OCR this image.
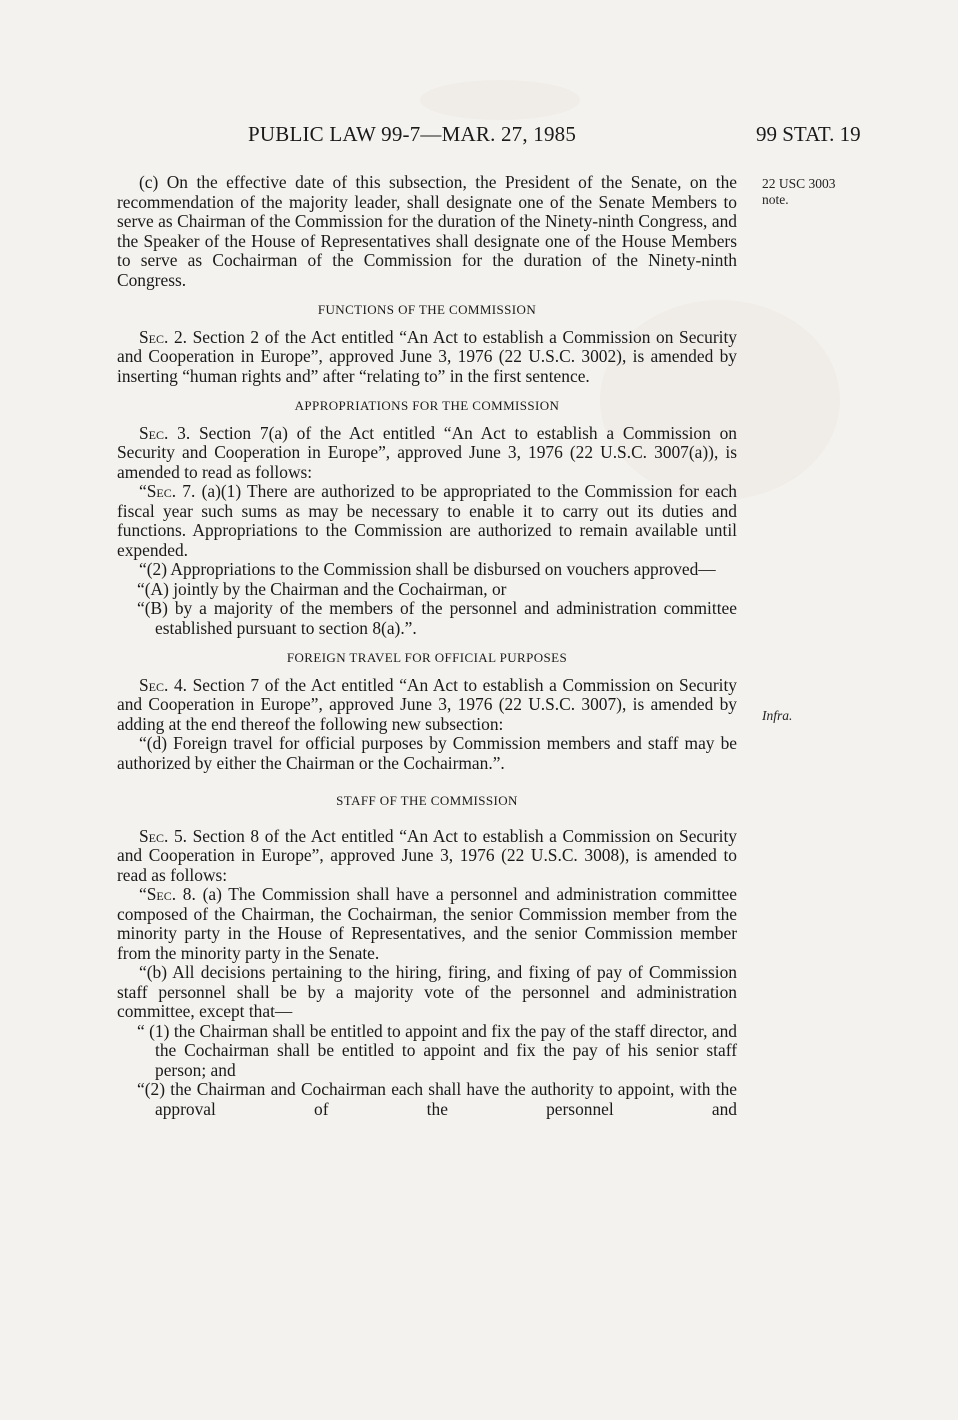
PUBLIC LAW 99-7—MAR. 27, 1985	99 STAT. 19
22 USC 3003
note.
Infra.

(c) On the effective date of this subsection, the President of the Senate, on the recommendation of the majority leader, shall designate one of the Senate Members to serve as Chairman of the Commission for the duration of the Ninety-ninth Congress, and the Speaker of the House of Representatives shall designate one of the House Members to serve as Cochairman of the Commission for the duration of the Ninety-ninth Congress.

FUNCTIONS OF THE COMMISSION

Sec. 2. Section 2 of the Act entitled “An Act to establish a Commission on Security and Cooperation in Europe”, approved June 3, 1976 (22 U.S.C. 3002), is amended by inserting “human rights and” after “relating to” in the first sentence.

APPROPRIATIONS FOR THE COMMISSION

Sec. 3. Section 7(a) of the Act entitled “An Act to establish a Commission on Security and Cooperation in Europe”, approved June 3, 1976 (22 U.S.C. 3007(a)), is amended to read as follows:

“Sec. 7. (a)(1) There are authorized to be appropriated to the Commission for each fiscal year such sums as may be necessary to enable it to carry out its duties and functions. Appropriations to the Commission are authorized to remain available until expended.

“(2) Appropriations to the Commission shall be disbursed on vouchers approved—

“(A) jointly by the Chairman and the Cochairman, or

“(B) by a majority of the members of the personnel and administration committee established pursuant to section 8(a).”.

FOREIGN TRAVEL FOR OFFICIAL PURPOSES

Sec. 4. Section 7 of the Act entitled “An Act to establish a Commission on Security and Cooperation in Europe”, approved June 3, 1976 (22 U.S.C. 3007), is amended by adding at the end thereof the following new subsection:

“(d) Foreign travel for official purposes by Commission members and staff may be authorized by either the Chairman or the Cochairman.”.

STAFF OF THE COMMISSION

Sec. 5. Section 8 of the Act entitled “An Act to establish a Commission on Security and Cooperation in Europe”, approved June 3, 1976 (22 U.S.C. 3008), is amended to read as follows:

“Sec. 8. (a) The Commission shall have a personnel and administration committee composed of the Chairman, the Cochairman, the senior Commission member from the minority party in the House of Representatives, and the senior Commission member from the minority party in the Senate.

“(b) All decisions pertaining to the hiring, firing, and fixing of pay of Commission staff personnel shall be by a majority vote of the personnel and administration committee, except that—

“ (1) the Chairman shall be entitled to appoint and fix the pay of the staff director, and the Cochairman shall be entitled to appoint and fix the pay of his senior staff person; and

“(2) the Chairman and Cochairman each shall have the authority to appoint, with the approval of the personnel and
